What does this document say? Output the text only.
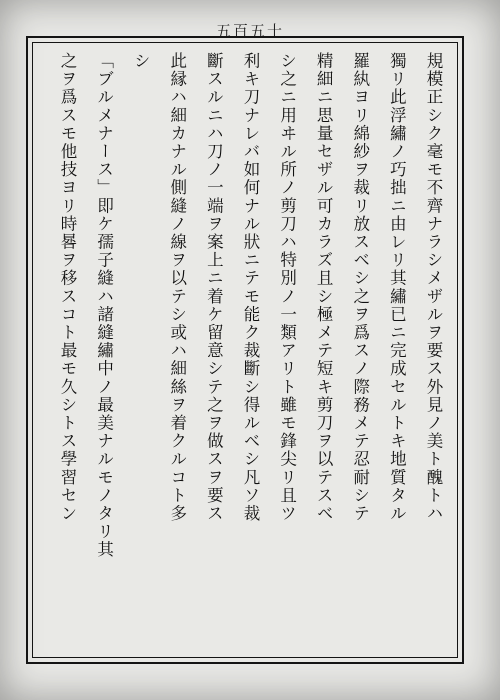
五百五十
規模正シク毫モ不齊ナラシメザルヲ要ス外見ノ美ト醜トハ
獨リ此浮繡ノ巧拙ニ由レリ其繡已ニ完成セルトキ地質タル
羅紈ヨリ綿紗ヲ裁リ放スベシ之ヲ爲スノ際務メテ忍耐シテ
精細ニ思量セザル可カラズ且シ極メテ短キ剪刀ヲ以テスベ
シ之ニ用ヰル所ノ剪刀ハ特別ノ一類アリト雖モ鋒尖リ且ツ
利キ刀ナレバ如何ナル狀ニテモ能ク裁斷シ得ルベシ凡ソ裁
斷スルニハ刀ノ一端ヲ案上ニ着ケ留意シテ之ヲ做スヲ要ス
此縁ハ細カナル側縫ノ線ヲ以テシ或ハ細絲ヲ着クルコト多
シ
「ブルメナース」即ケ孺子縫ハ諸縫繡中ノ最美ナルモノタリ其
之ヲ爲スモ他技ヨリ時晷ヲ移スコト最モ久シトス學習セン
